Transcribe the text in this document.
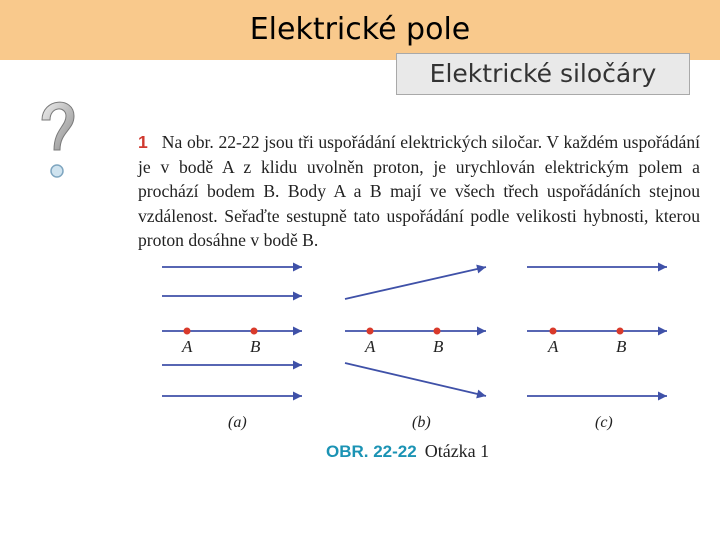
Elektrické pole
Elektrické siločáry
1 Na obr. 22-22 jsou tři uspořádání elektrických siločar. V každém uspořádání je v bodě A z klidu uvolněn proton, je urychlován elektrickým polem a prochází bodem B. Body A a B mají ve všech třech uspořádáních stejnou vzdálenost. Seřaďte sestupně tato uspořádání podle velikosti hybnosti, kterou proton dosáhne v bodě B.
A	B
(a)
A	B
(b)
A	B
(c)
OBR. 22-22 Otázka 1
